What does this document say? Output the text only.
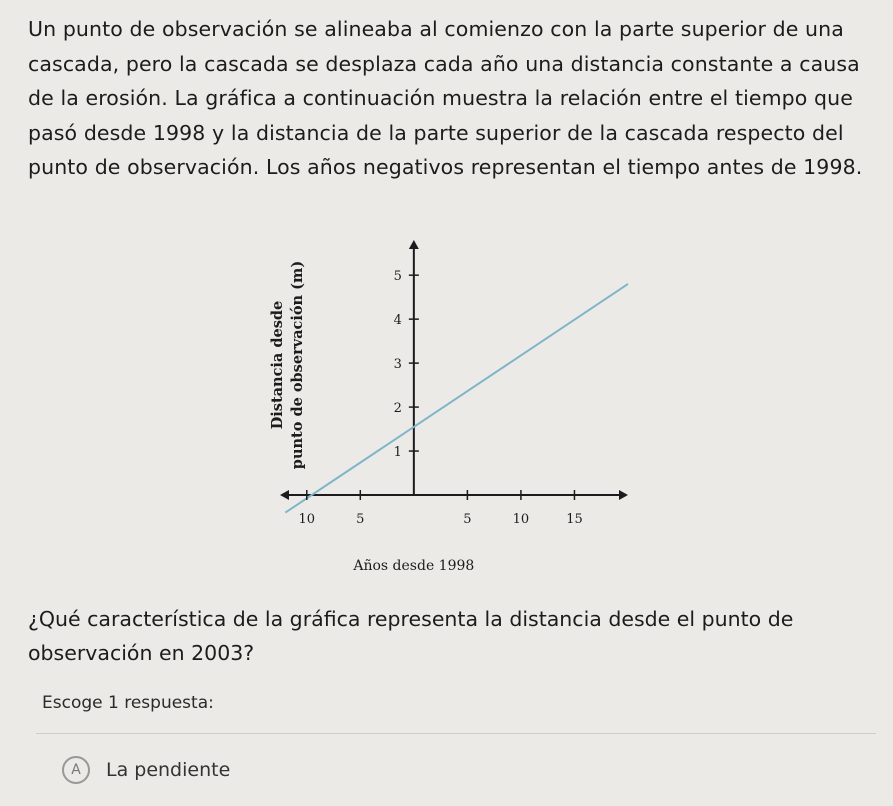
Un punto de observación se alineaba al comienzo con la parte superior de una cascada, pero la cascada se desplaza cada año una distancia constante a causa de la erosión. La gráfica a continuación muestra la relación entre el tiempo que pasó desde 1998 y la distancia de la parte superior de la cascada respecto del punto de observación. Los años negativos representan el tiempo antes de 1998.
10	5	5	10	15
1
2
3
4
5
Años desde 1998
Distancia desde punto de observación (m)
¿Qué característica de la gráfica representa la distancia desde el punto de observación en 2003?
Escoge 1 respuesta:
A	La pendiente
